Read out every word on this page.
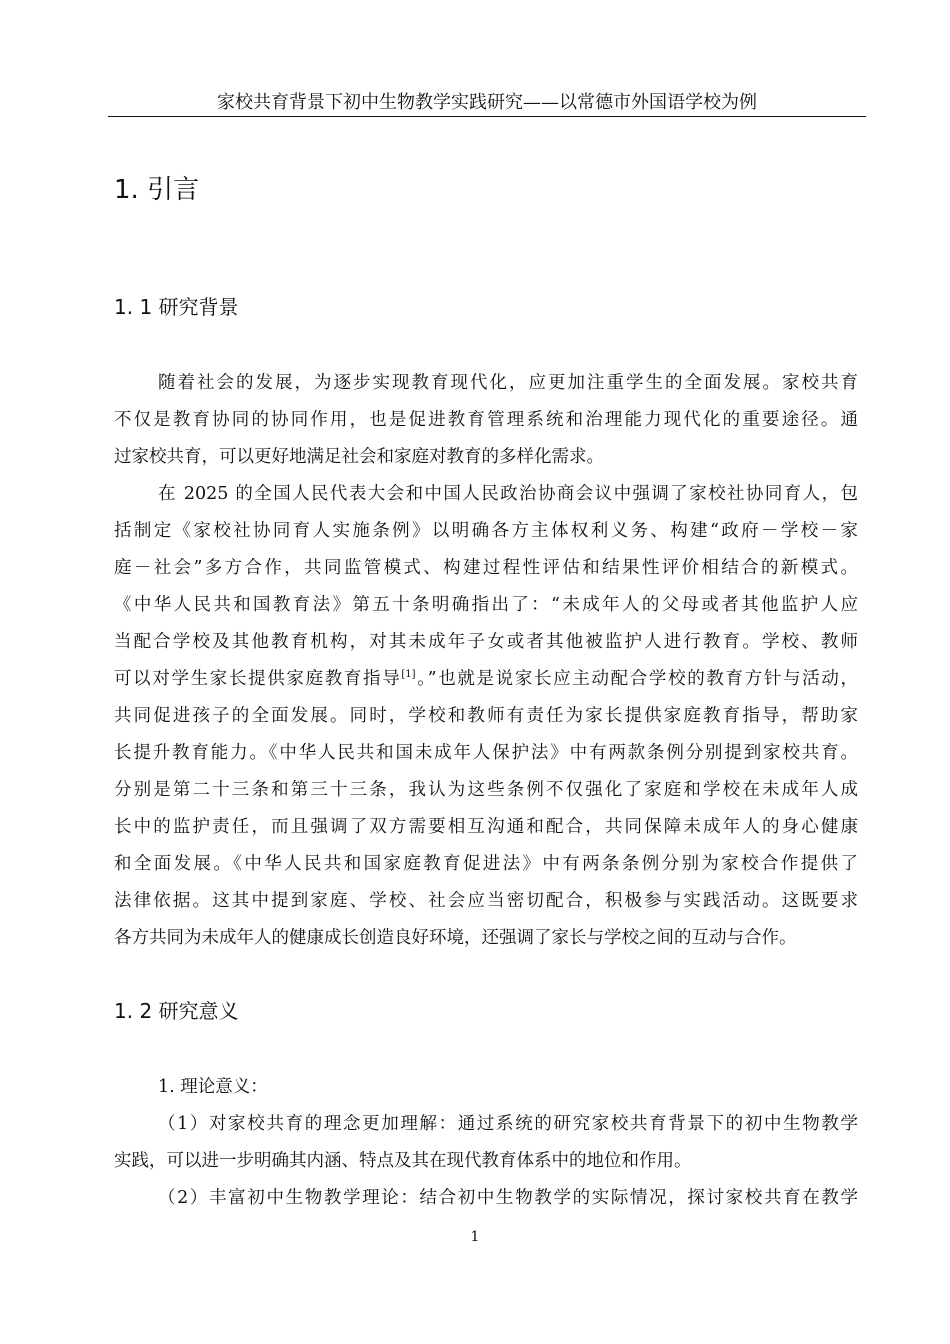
家校共育背景下初中生物教学实践研究——以常德市外国语学校为例
1. 引言
1. 1 研究背景
随着社会的发展，为逐步实现教育现代化，应更加注重学生的全面发展。家校共育
不仅是教育协同的协同作用，也是促进教育管理系统和治理能力现代化的重要途径。通
过家校共育，可以更好地满足社会和家庭对教育的多样化需求。
在 2025 的全国人民代表大会和中国人民政治协商会议中强调了家校社协同育人，包
括制定《家校社协同育人实施条例》以明确各方主体权利义务、构建“政府－学校－家
庭－社会”多方合作，共同监管模式、构建过程性评估和结果性评价相结合的新模式。
《中华人民共和国教育法》第五十条明确指出了：“未成年人的父母或者其他监护人应
当配合学校及其他教育机构，对其未成年子女或者其他被监护人进行教育。学校、教师
可以对学生家长提供家庭教育指导[1]。”也就是说家长应主动配合学校的教育方针与活动，
共同促进孩子的全面发展。同时，学校和教师有责任为家长提供家庭教育指导，帮助家
长提升教育能力。《中华人民共和国未成年人保护法》中有两款条例分别提到家校共育。
分别是第二十三条和第三十三条，我认为这些条例不仅强化了家庭和学校在未成年人成
长中的监护责任，而且强调了双方需要相互沟通和配合，共同保障未成年人的身心健康
和全面发展。《中华人民共和国家庭教育促进法》中有两条条例分别为家校合作提供了
法律依据。这其中提到家庭、学校、社会应当密切配合，积极参与实践活动。这既要求
各方共同为未成年人的健康成长创造良好环境，还强调了家长与学校之间的互动与合作。
1. 2 研究意义
1. 理论意义：
（1）对家校共育的理念更加理解：通过系统的研究家校共育背景下的初中生物教学
实践，可以进一步明确其内涵、特点及其在现代教育体系中的地位和作用。
（2）丰富初中生物教学理论：结合初中生物教学的实际情况，探讨家校共育在教学
1
